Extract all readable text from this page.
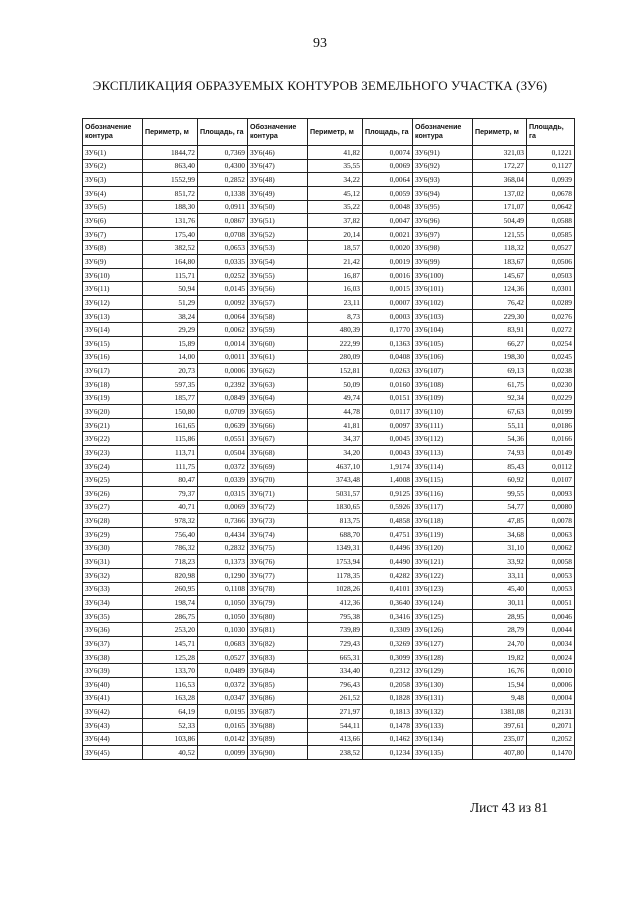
93
ЭКСПЛИКАЦИЯ ОБРАЗУЕМЫХ КОНТУРОВ ЗЕМЕЛЬНОГО УЧАСТКА (ЗУ6)
Обозначение контура	Периметр, м	Площадь, га	Обозначение контура	Периметр, м	Площадь, га	Обозначение контура	Периметр, м	Площадь, га
ЗУ6(1)	1844,72	0,7369	ЗУ6(46)	41,82	0,0074	ЗУ6(91)	321,03	0,1221
ЗУ6(2)	863,40	0,4300	ЗУ6(47)	35,55	0,0069	ЗУ6(92)	172,27	0,1127
ЗУ6(3)	1552,99	0,2852	ЗУ6(48)	34,22	0,0064	ЗУ6(93)	368,04	0,0939
ЗУ6(4)	851,72	0,1338	ЗУ6(49)	45,12	0,0059	ЗУ6(94)	137,02	0,0678
ЗУ6(5)	188,30	0,0911	ЗУ6(50)	35,22	0,0048	ЗУ6(95)	171,07	0,0642
ЗУ6(6)	131,76	0,0867	ЗУ6(51)	37,82	0,0047	ЗУ6(96)	504,49	0,0588
ЗУ6(7)	175,40	0,0708	ЗУ6(52)	20,14	0,0021	ЗУ6(97)	121,55	0,0585
ЗУ6(8)	382,52	0,0653	ЗУ6(53)	18,57	0,0020	ЗУ6(98)	118,32	0,0527
ЗУ6(9)	164,80	0,0335	ЗУ6(54)	21,42	0,0019	ЗУ6(99)	183,67	0,0506
ЗУ6(10)	115,71	0,0252	ЗУ6(55)	16,87	0,0016	ЗУ6(100)	145,67	0,0503
ЗУ6(11)	50,94	0,0145	ЗУ6(56)	16,03	0,0015	ЗУ6(101)	124,36	0,0301
ЗУ6(12)	51,29	0,0092	ЗУ6(57)	23,11	0,0007	ЗУ6(102)	76,42	0,0289
ЗУ6(13)	38,24	0,0064	ЗУ6(58)	8,73	0,0003	ЗУ6(103)	229,30	0,0276
ЗУ6(14)	29,29	0,0062	ЗУ6(59)	480,39	0,1770	ЗУ6(104)	83,91	0,0272
ЗУ6(15)	15,89	0,0014	ЗУ6(60)	222,99	0,1363	ЗУ6(105)	66,27	0,0254
ЗУ6(16)	14,00	0,0011	ЗУ6(61)	280,09	0,0408	ЗУ6(106)	198,30	0,0245
ЗУ6(17)	20,73	0,0006	ЗУ6(62)	152,81	0,0263	ЗУ6(107)	69,13	0,0238
ЗУ6(18)	597,35	0,2392	ЗУ6(63)	50,09	0,0160	ЗУ6(108)	61,75	0,0230
ЗУ6(19)	185,77	0,0849	ЗУ6(64)	49,74	0,0151	ЗУ6(109)	92,34	0,0229
ЗУ6(20)	150,80	0,0709	ЗУ6(65)	44,78	0,0117	ЗУ6(110)	67,63	0,0199
ЗУ6(21)	161,65	0,0639	ЗУ6(66)	41,81	0,0097	ЗУ6(111)	55,11	0,0186
ЗУ6(22)	115,86	0,0551	ЗУ6(67)	34,37	0,0045	ЗУ6(112)	54,36	0,0166
ЗУ6(23)	113,71	0,0504	ЗУ6(68)	34,20	0,0043	ЗУ6(113)	74,93	0,0149
ЗУ6(24)	111,75	0,0372	ЗУ6(69)	4637,10	1,9174	ЗУ6(114)	85,43	0,0112
ЗУ6(25)	80,47	0,0339	ЗУ6(70)	3743,48	1,4008	ЗУ6(115)	60,92	0,0107
ЗУ6(26)	79,37	0,0315	ЗУ6(71)	5031,57	0,9125	ЗУ6(116)	99,55	0,0093
ЗУ6(27)	40,71	0,0069	ЗУ6(72)	1830,65	0,5926	ЗУ6(117)	54,77	0,0080
ЗУ6(28)	978,32	0,7366	ЗУ6(73)	813,75	0,4858	ЗУ6(118)	47,85	0,0078
ЗУ6(29)	756,40	0,4434	ЗУ6(74)	688,70	0,4751	ЗУ6(119)	34,68	0,0063
ЗУ6(30)	786,32	0,2832	ЗУ6(75)	1349,31	0,4496	ЗУ6(120)	31,10	0,0062
ЗУ6(31)	718,23	0,1373	ЗУ6(76)	1753,94	0,4490	ЗУ6(121)	33,92	0,0058
ЗУ6(32)	820,98	0,1290	ЗУ6(77)	1178,35	0,4282	ЗУ6(122)	33,11	0,0053
ЗУ6(33)	260,95	0,1108	ЗУ6(78)	1028,26	0,4101	ЗУ6(123)	45,40	0,0053
ЗУ6(34)	198,74	0,1050	ЗУ6(79)	412,36	0,3640	ЗУ6(124)	30,11	0,0051
ЗУ6(35)	286,75	0,1050	ЗУ6(80)	795,38	0,3416	ЗУ6(125)	28,95	0,0046
ЗУ6(36)	253,20	0,1030	ЗУ6(81)	739,89	0,3309	ЗУ6(126)	28,79	0,0044
ЗУ6(37)	145,71	0,0683	ЗУ6(82)	729,43	0,3269	ЗУ6(127)	24,70	0,0034
ЗУ6(38)	125,28	0,0527	ЗУ6(83)	665,31	0,3099	ЗУ6(128)	19,82	0,0024
ЗУ6(39)	133,70	0,0489	ЗУ6(84)	334,40	0,2312	ЗУ6(129)	16,76	0,0010
ЗУ6(40)	116,53	0,0372	ЗУ6(85)	796,43	0,2058	ЗУ6(130)	15,94	0,0006
ЗУ6(41)	163,28	0,0347	ЗУ6(86)	261,52	0,1828	ЗУ6(131)	9,48	0,0004
ЗУ6(42)	64,19	0,0195	ЗУ6(87)	271,97	0,1813	ЗУ6(132)	1381,08	0,2131
ЗУ6(43)	52,33	0,0165	ЗУ6(88)	544,11	0,1478	ЗУ6(133)	397,61	0,2071
ЗУ6(44)	103,86	0,0142	ЗУ6(89)	413,66	0,1462	ЗУ6(134)	235,07	0,2052
ЗУ6(45)	40,52	0,0099	ЗУ6(90)	238,52	0,1234	ЗУ6(135)	407,80	0,1470
Лист 43 из 81
